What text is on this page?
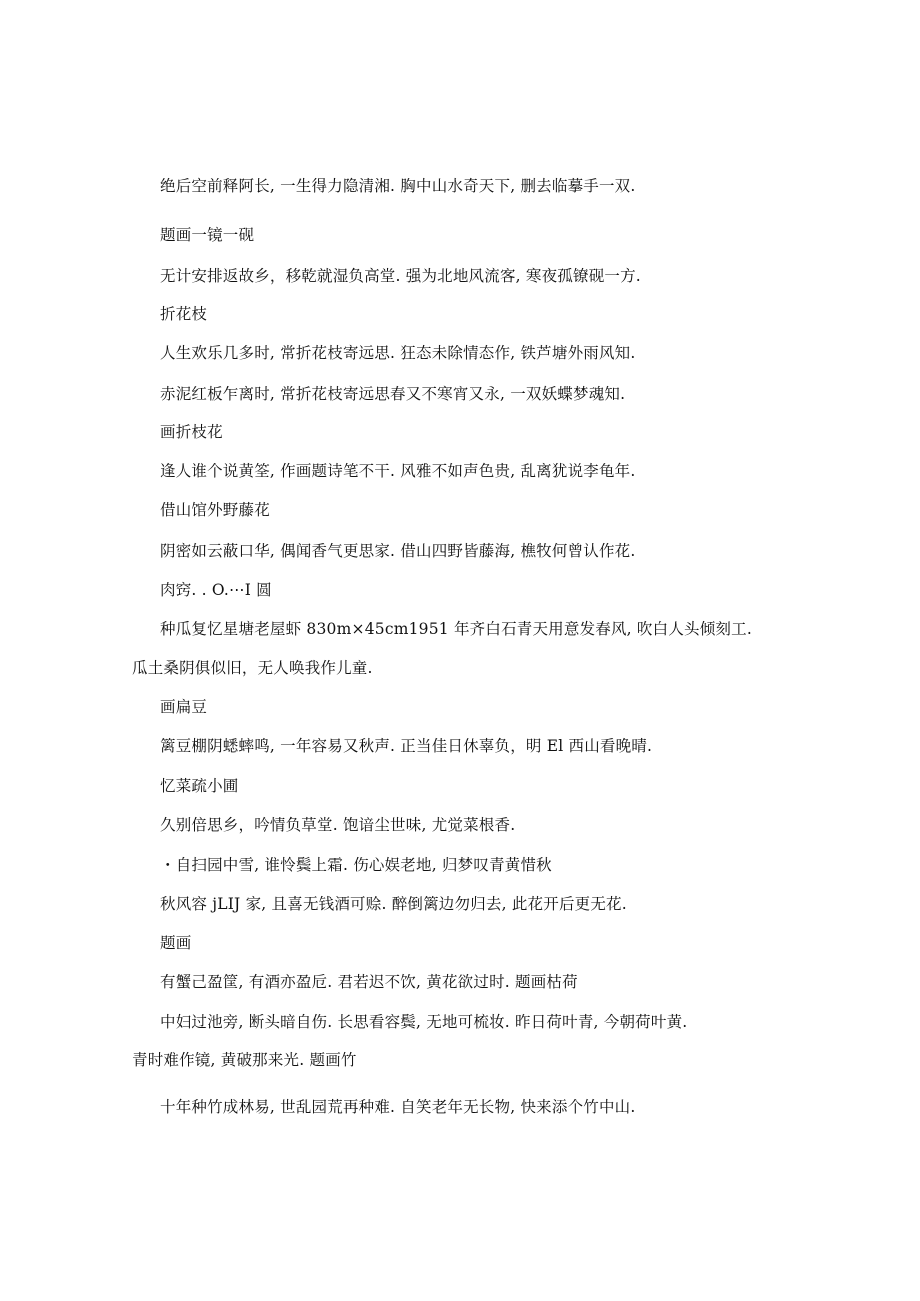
绝后空前释阿长, 一生得力隐清湘. 胸中山水奇天下, 删去临摹手一双.
题画一镜一砚
无计安排返故乡，移乾就湿负高堂. 强为北地风流客, 寒夜孤镣砚一方.
折花枝
人生欢乐几多时, 常折花枝寄远思. 狂态未除情态作, 铁芦塘外雨风知.
赤泥红板乍离时, 常折花枝寄远思春又不寒宵又永, 一双妖蝶梦魂知.
画折枝花
逢人谁个说黄筌, 作画题诗笔不干. 风雅不如声色贵, 乱离犹说李龟年.
借山馆外野藤花
阴密如云蔽口华, 偶闻香气更思家. 借山四野皆藤海, 樵牧何曾认作花.
肉窍. . O.⋯I 圆
种瓜复忆星塘老屋虾 830m×45cm1951 年齐白石青天用意发春风, 吹白人头倾刻工.
瓜土桑阴俱似旧，无人唤我作儿童.
画扁豆
篱豆棚阴蟋蟀鸣, 一年容易又秋声. 正当佳日休辜负，明 El 西山看晚晴.
忆菜疏小圃
久别倍思乡，吟情负草堂. 饱谙尘世味, 尤觉菜根香.
・自扫园中雪, 谁怜鬓上霜. 伤心娱老地, 归梦叹青黄惜秋
秋风容 jLIJ 家, 且喜无钱酒可赊. 醉倒篱边勿归去, 此花开后更无花.
题画
有蟹己盈筐, 有酒亦盈卮. 君若迟不饮, 黄花欲过时. 题画枯荷
中妇过池旁, 断头暗自伤. 长思看容鬓, 无地可梳妆. 昨日荷叶青, 今朝荷叶黄.
青时难作镜, 黄破那来光. 题画竹
十年种竹成林易, 世乱园荒再种难. 自笑老年无长物, 快来添个竹中山.
